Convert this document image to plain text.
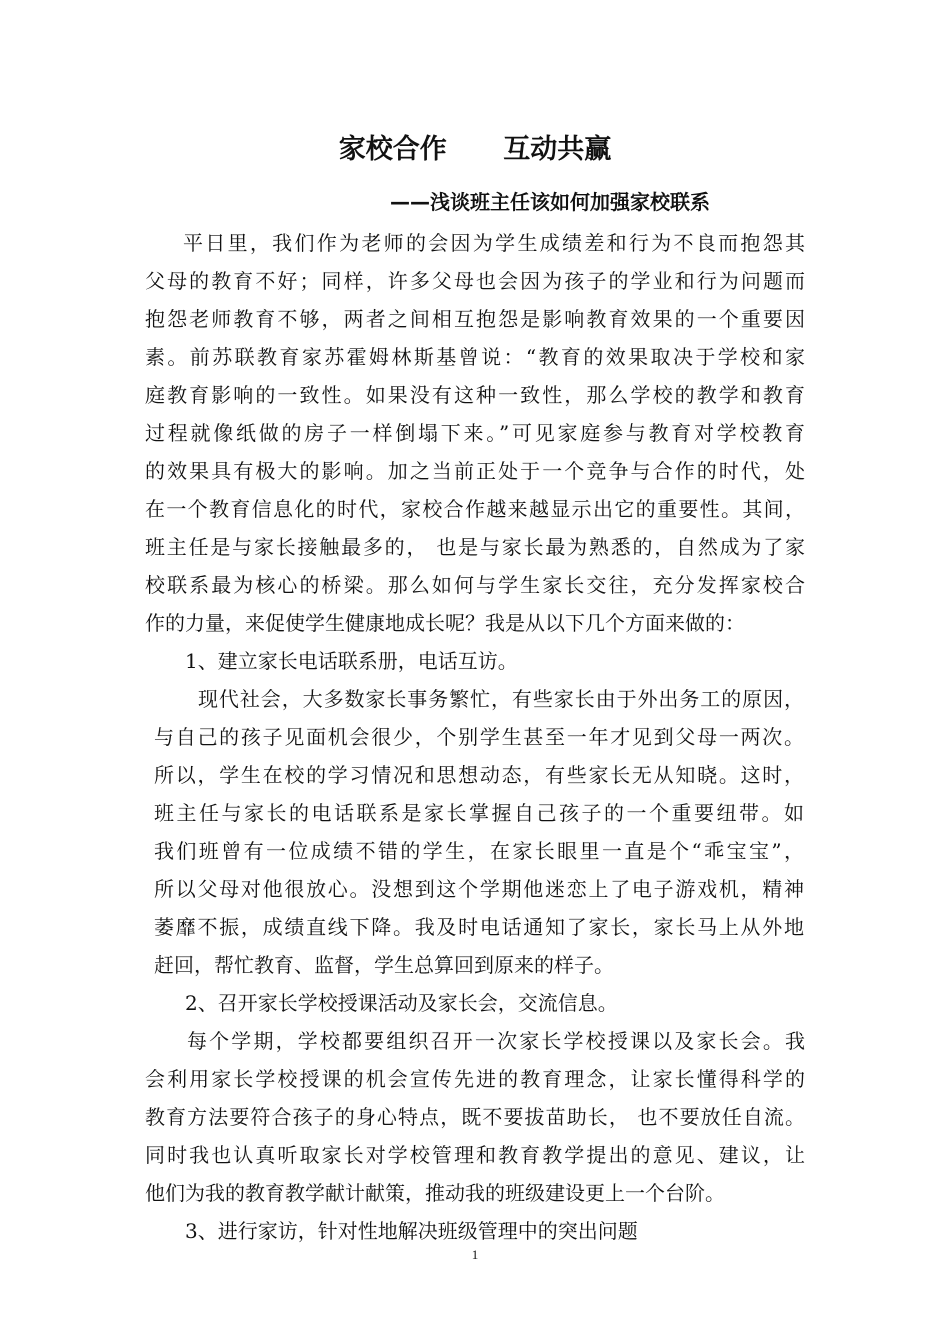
家校合作      互动共赢
——浅谈班主任该如何加强家校联系
平日里，我们作为老师的会因为学生成绩差和行为不良而抱怨其
父母的教育不好；同样，许多父母也会因为孩子的学业和行为问题而
抱怨老师教育不够，两者之间相互抱怨是影响教育效果的一个重要因
素。前苏联教育家苏霍姆林斯基曾说：“教育的效果取决于学校和家
庭教育影响的一致性。如果没有这种一致性，那么学校的教学和教育
过程就像纸做的房子一样倒塌下来。”可见家庭参与教育对学校教育
的效果具有极大的影响。加之当前正处于一个竞争与合作的时代，处
在一个教育信息化的时代，家校合作越来越显示出它的重要性。其间，
班主任是与家长接触最多的， 也是与家长最为熟悉的，自然成为了家
校联系最为核心的桥梁。那么如何与学生家长交往，充分发挥家校合
作的力量，来促使学生健康地成长呢？我是从以下几个方面来做的：
1、建立家长电话联系册，电话互访。
现代社会，大多数家长事务繁忙，有些家长由于外出务工的原因，
与自己的孩子见面机会很少，个别学生甚至一年才见到父母一两次。
所以，学生在校的学习情况和思想动态，有些家长无从知晓。这时，
班主任与家长的电话联系是家长掌握自己孩子的一个重要纽带。如
我们班曾有一位成绩不错的学生，在家长眼里一直是个“乖宝宝”，
所以父母对他很放心。没想到这个学期他迷恋上了电子游戏机，精神
萎靡不振，成绩直线下降。我及时电话通知了家长，家长马上从外地
赶回，帮忙教育、监督，学生总算回到原来的样子。
2、召开家长学校授课活动及家长会，交流信息。
每个学期，学校都要组织召开一次家长学校授课以及家长会。我
会利用家长学校授课的机会宣传先进的教育理念，让家长懂得科学的
教育方法要符合孩子的身心特点，既不要拔苗助长， 也不要放任自流。
同时我也认真听取家长对学校管理和教育教学提出的意见、建议，让
他们为我的教育教学献计献策，推动我的班级建设更上一个台阶。
3、进行家访，针对性地解决班级管理中的突出问题
1
